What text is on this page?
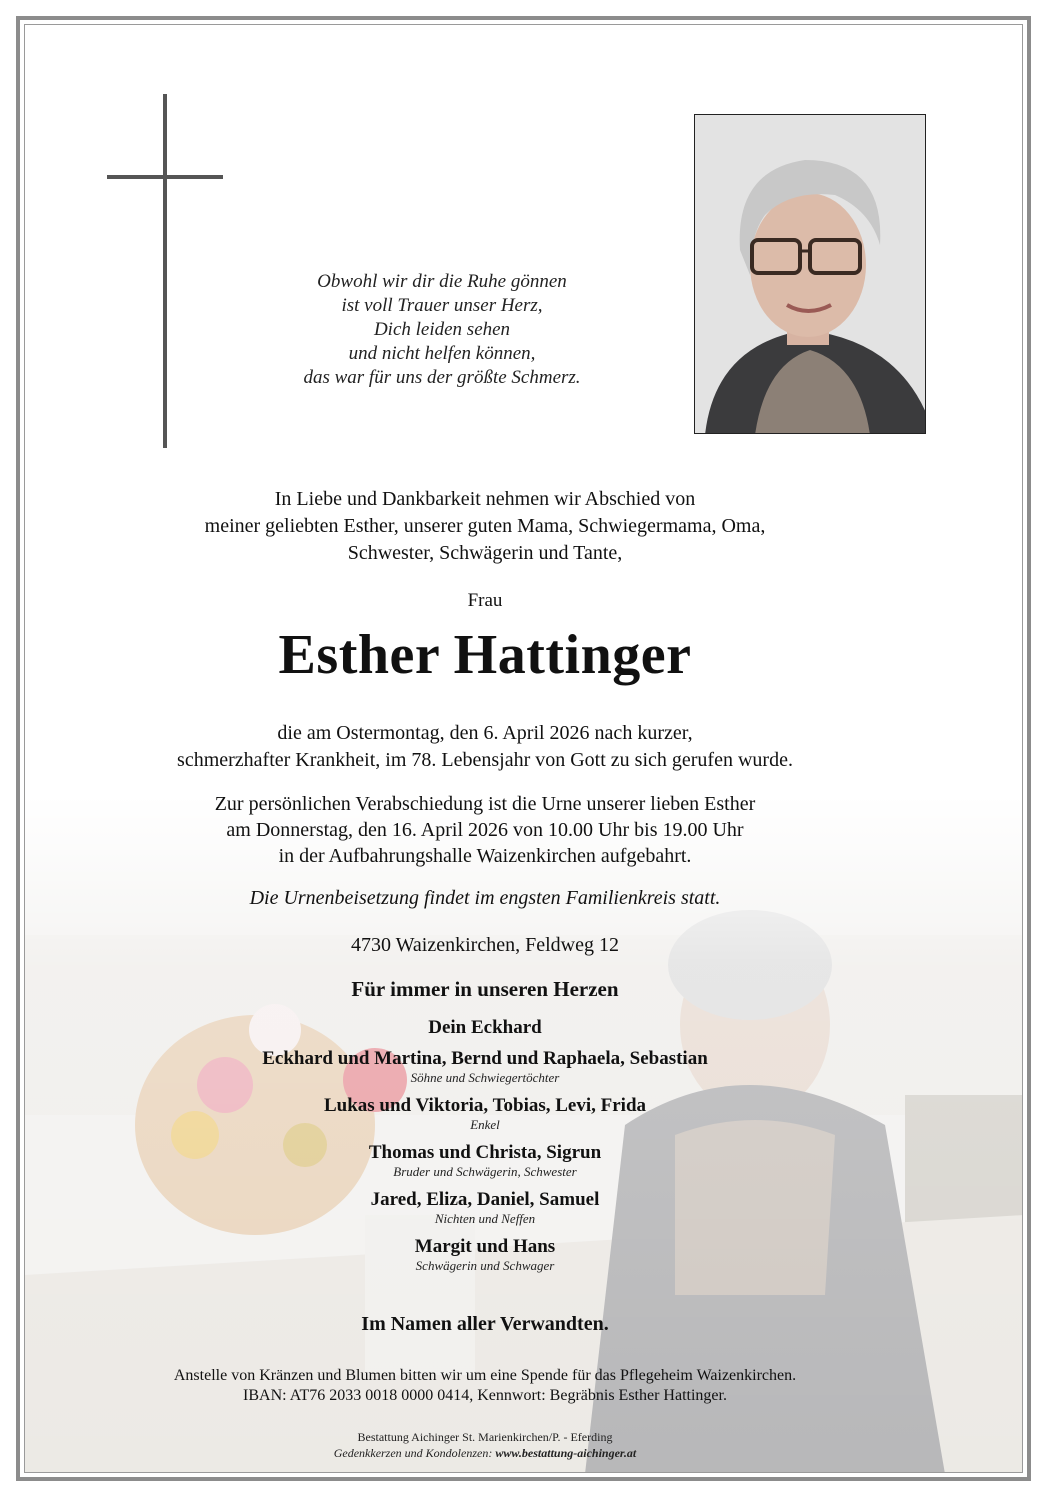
Obwohl wir dir die Ruhe gönnen
ist voll Trauer unser Herz,
Dich leiden sehen
und nicht helfen können,
das war für uns der größte Schmerz.
In Liebe und Dankbarkeit nehmen wir Abschied von
meiner geliebten Esther, unserer guten Mama, Schwiegermama, Oma,
Schwester, Schwägerin und Tante,
Frau
Esther Hattinger
die am Ostermontag, den 6. April 2026 nach kurzer,
schmerzhafter Krankheit, im 78. Lebensjahr von Gott zu sich gerufen wurde.
Zur persönlichen Verabschiedung ist die Urne unserer lieben Esther
am Donnerstag, den 16. April 2026 von 10.00 Uhr bis 19.00 Uhr
in der Aufbahrungshalle Waizenkirchen aufgebahrt.
Die Urnenbeisetzung findet im engsten Familienkreis statt.
4730 Waizenkirchen, Feldweg 12
Für immer in unseren Herzen
Dein Eckhard
Eckhard und Martina, Bernd und Raphaela, Sebastian
Söhne und Schwiegertöchter
Lukas und Viktoria, Tobias, Levi, Frida
Enkel
Thomas und Christa, Sigrun
Bruder und Schwägerin, Schwester
Jared, Eliza, Daniel, Samuel
Nichten und Neffen
Margit und Hans
Schwägerin und Schwager
Im Namen aller Verwandten.
Anstelle von Kränzen und Blumen bitten wir um eine Spende für das Pflegeheim Waizenkirchen.
IBAN: AT76 2033 0018 0000 0414, Kennwort: Begräbnis Esther Hattinger.
Bestattung Aichinger St. Marienkirchen/P. - Eferding
Gedenkkerzen und Kondolenzen: www.bestattung-aichinger.at
